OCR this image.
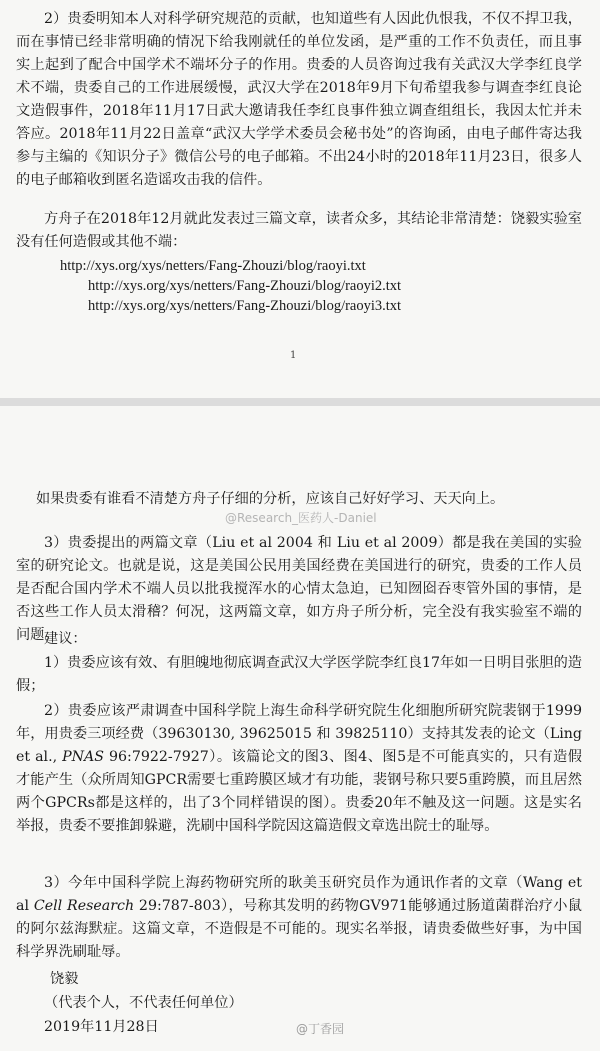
2）贵委明知本人对科学研究规范的贡献，也知道些有人因此仇恨我，不仅不捍卫我，而在事情已经非常明确的情况下给我刚就任的单位发函，是严重的工作不负责任，而且事实上起到了配合中国学术不端坏分子的作用。贵委的人员咨询过我有关武汉大学李红良学术不端，贵委自己的工作进展缓慢，武汉大学在2018年9月下旬希望我参与调查李红良论文造假事件，2018年11月17日武大邀请我任李红良事件独立调查组组长，我因太忙并未答应。2018年11月22日盖章“武汉大学学术委员会秘书处”的咨询函，由电子邮件寄达我参与主编的《知识分子》微信公号的电子邮箱。不出24小时的2018年11月23日，很多人的电子邮箱收到匿名造谣攻击我的信件。

方舟子在2018年12月就此发表过三篇文章，读者众多，其结论非常清楚：饶毅实验室没有任何造假或其他不端：

http://xys.org/xys/netters/Fang-Zhouzi/blog/raoyi.txt
http://xys.org/xys/netters/Fang-Zhouzi/blog/raoyi2.txt
http://xys.org/xys/netters/Fang-Zhouzi/blog/raoyi3.txt
1

如果贵委有谁看不清楚方舟子仔细的分析，应该自己好好学习、天天向上。

@Research_医药人-Daniel

3）贵委提出的两篇文章（Liu et al 2004 和 Liu et al 2009）都是我在美国的实验室的研究论文。也就是说，这是美国公民用美国经费在美国进行的研究，贵委的工作人员是否配合国内学术不端人员以批我搅浑水的心情太急迫，已知囫囵吞枣管外国的事情，是否这些工作人员太滑稽？何况，这两篇文章，如方舟子所分析，完全没有我实验室不端的问题。

建议：

1）贵委应该有效、有胆魄地彻底调查武汉大学医学院李红良17年如一日明目张胆的造假；

2）贵委应该严肃调查中国科学院上海生命科学研究院生化细胞所研究院裴钢于1999年，用贵委三项经费（39630130, 39625015 和 39825110）支持其发表的论文（Ling et al., PNAS 96:7922-7927）。该篇论文的图3、图4、图5是不可能真实的，只有造假才能产生（众所周知GPCR需要七重跨膜区域才有功能，裴钢号称只要5重跨膜，而且居然两个GPCRs都是这样的，出了3个同样错误的图）。贵委20年不触及这一问题。这是实名举报，贵委不要推卸躲避，洗刷中国科学院因这篇造假文章选出院士的耻辱。

3）今年中国科学院上海药物研究所的耿美玉研究员作为通讯作者的文章（Wang et al Cell Research 29:787-803），号称其发明的药物GV971能够通过肠道菌群治疗小鼠的阿尔兹海默症。这篇文章，不造假是不可能的。现实名举报，请贵委做些好事，为中国科学界洗刷耻辱。

饶毅

（代表个人，不代表任何单位）

2019年11月28日	@丁香园
